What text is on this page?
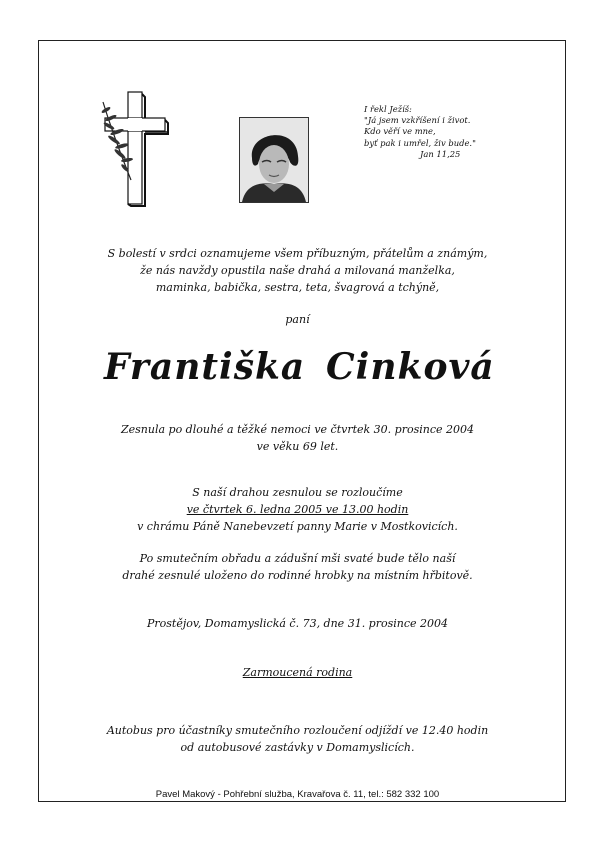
I řekl Ježíš:
"Já jsem vzkříšení i život.
Kdo věří ve mne,
byť pak i umřel, živ bude."
Jan 11,25
S bolestí v srdci oznamujeme všem příbuzným, přátelům a známým,
že nás navždy opustila naše drahá a milovaná manželka,
maminka, babička, sestra, teta, švagrová a tchýně,
paní
Františka Cinková
Zesnula po dlouhé a těžké nemoci ve čtvrtek 30. prosince 2004
ve věku 69 let.
S naší drahou zesnulou se rozloučíme
ve čtvrtek 6. ledna 2005 ve 13.00 hodin
v chrámu Páně Nanebevzetí panny Marie v Mostkovicích.
Po smutečním obřadu a zádušní mši svaté bude tělo naší
drahé zesnulé uloženo do rodinné hrobky na místním hřbitově.
Prostějov, Domamyslická č. 73, dne 31. prosince 2004
Zarmoucená rodina
Autobus pro účastníky smutečního rozloučení odjíždí ve 12.40 hodin
od autobusové zastávky v Domamyslicích.
Pavel Makový - Pohřební služba, Kravařova č. 11, tel.: 582 332 100
